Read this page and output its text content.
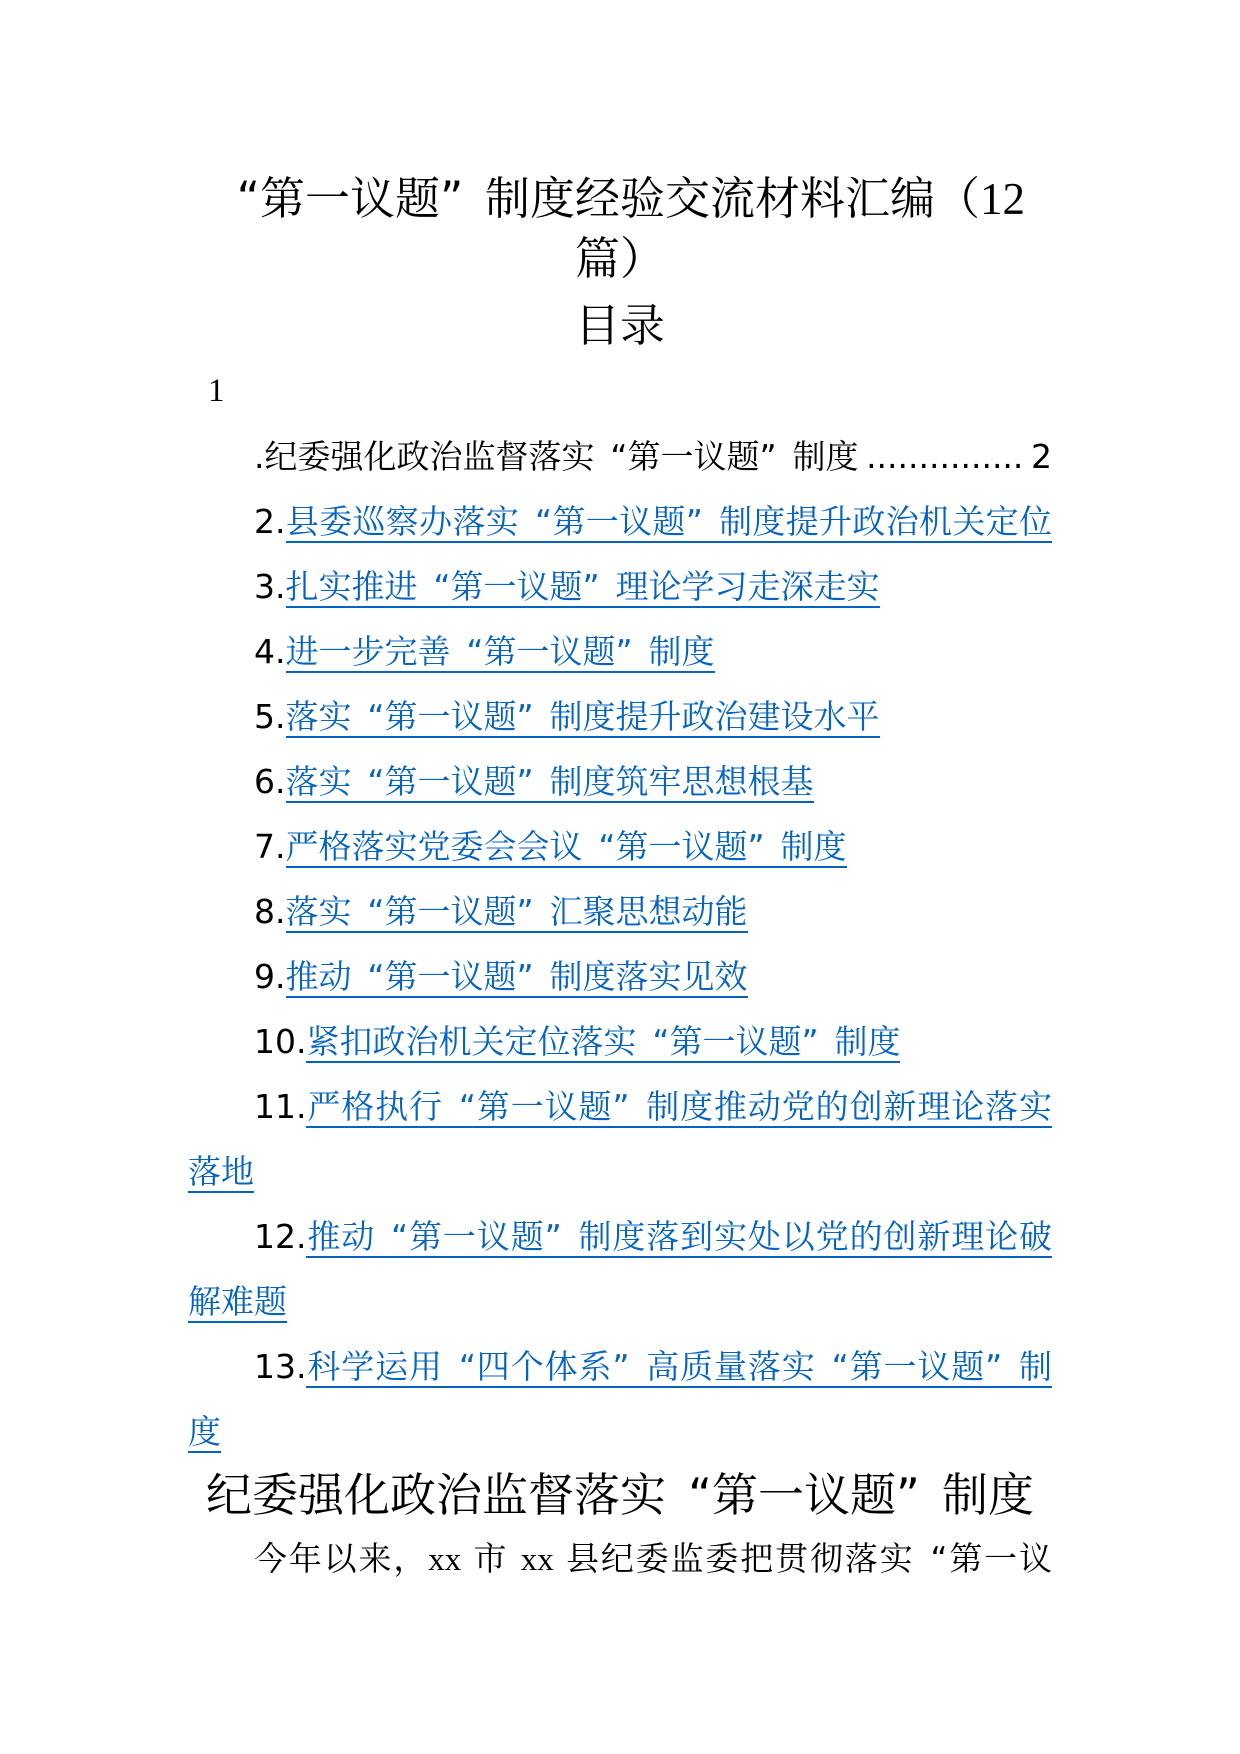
“第一议题” 制度经验交流材料汇编（12
篇）
目录
1
.纪委强化政治监督落实 “第一议题” 制度 ............... 2
2.县委巡察办落实 “第一议题” 制度提升政治机关定位
3.扎实推进 “第一议题” 理论学习走深走实
4.进一步完善 “第一议题” 制度
5.落实 “第一议题” 制度提升政治建设水平
6.落实 “第一议题” 制度筑牢思想根基
7.严格落实党委会会议 “第一议题” 制度
8.落实 “第一议题” 汇聚思想动能
9.推动 “第一议题” 制度落实见效
10.紧扣政治机关定位落实 “第一议题” 制度
11.严格执行 “第一议题” 制度推动党的创新理论落实
落地
12.推动 “第一议题” 制度落到实处以党的创新理论破
解难题
13.科学运用 “四个体系” 高质量落实 “第一议题” 制
度
纪委强化政治监督落实 “第一议题” 制度

今年以来，xx 市 xx 县纪委监委把贯彻落实 “第一议
